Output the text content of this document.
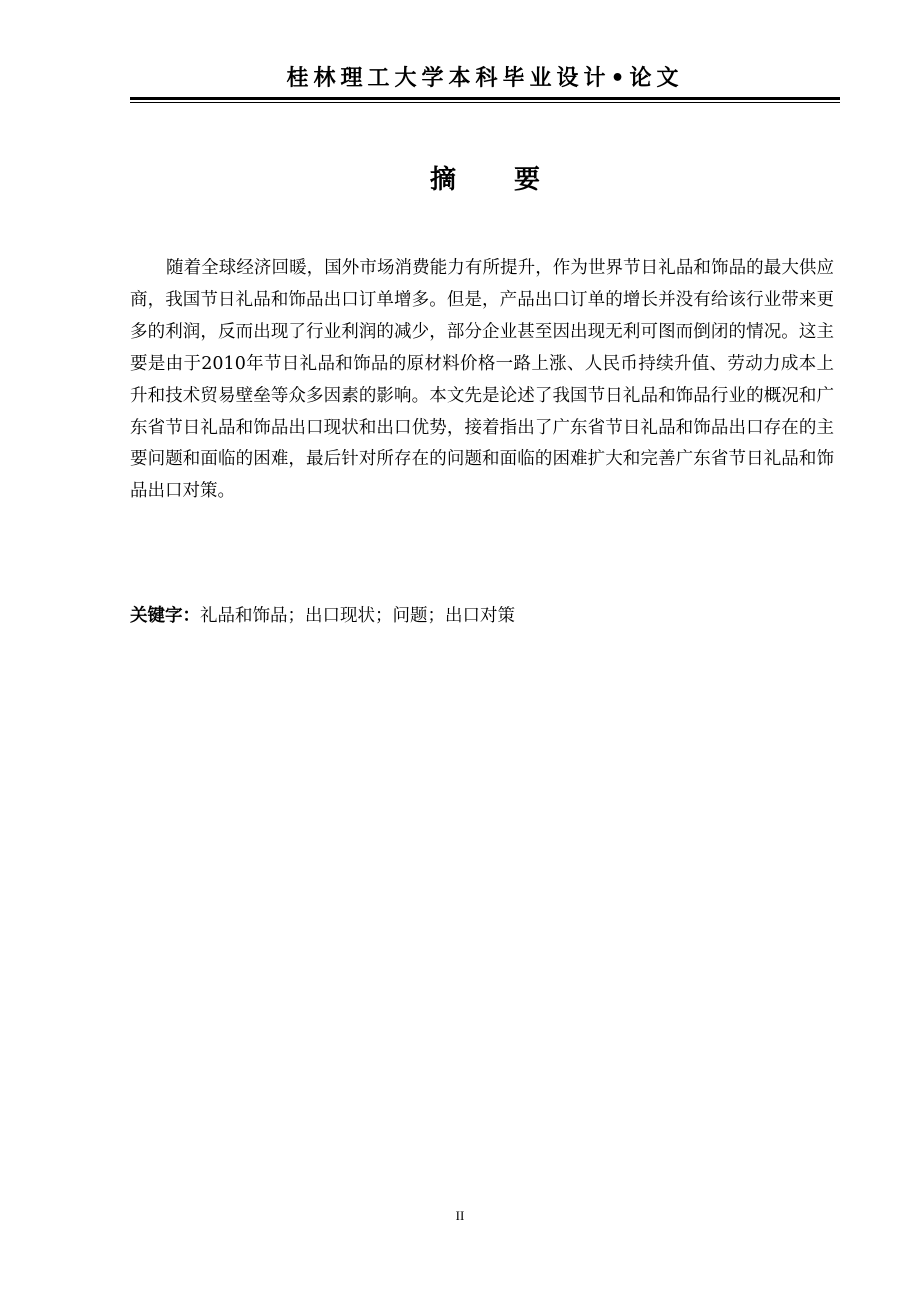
桂林理工大学本科毕业设计•论文
摘要

随着全球经济回暖，国外市场消费能力有所提升，作为世界节日礼品和饰品的最大供应商，我国节日礼品和饰品出口订单增多。但是，产品出口订单的增长并没有给该行业带来更多的利润，反而出现了行业利润的减少，部分企业甚至因出现无利可图而倒闭的情况。这主要是由于2010年节日礼品和饰品的原材料价格一路上涨、人民币持续升值、劳动力成本上升和技术贸易壁垒等众多因素的影响。本文先是论述了我国节日礼品和饰品行业的概况和广东省节日礼品和饰品出口现状和出口优势，接着指出了广东省节日礼品和饰品出口存在的主要问题和面临的困难，最后针对所存在的问题和面临的困难扩大和完善广东省节日礼品和饰品出口对策。

关键字：礼品和饰品；出口现状；问题；出口对策
II
